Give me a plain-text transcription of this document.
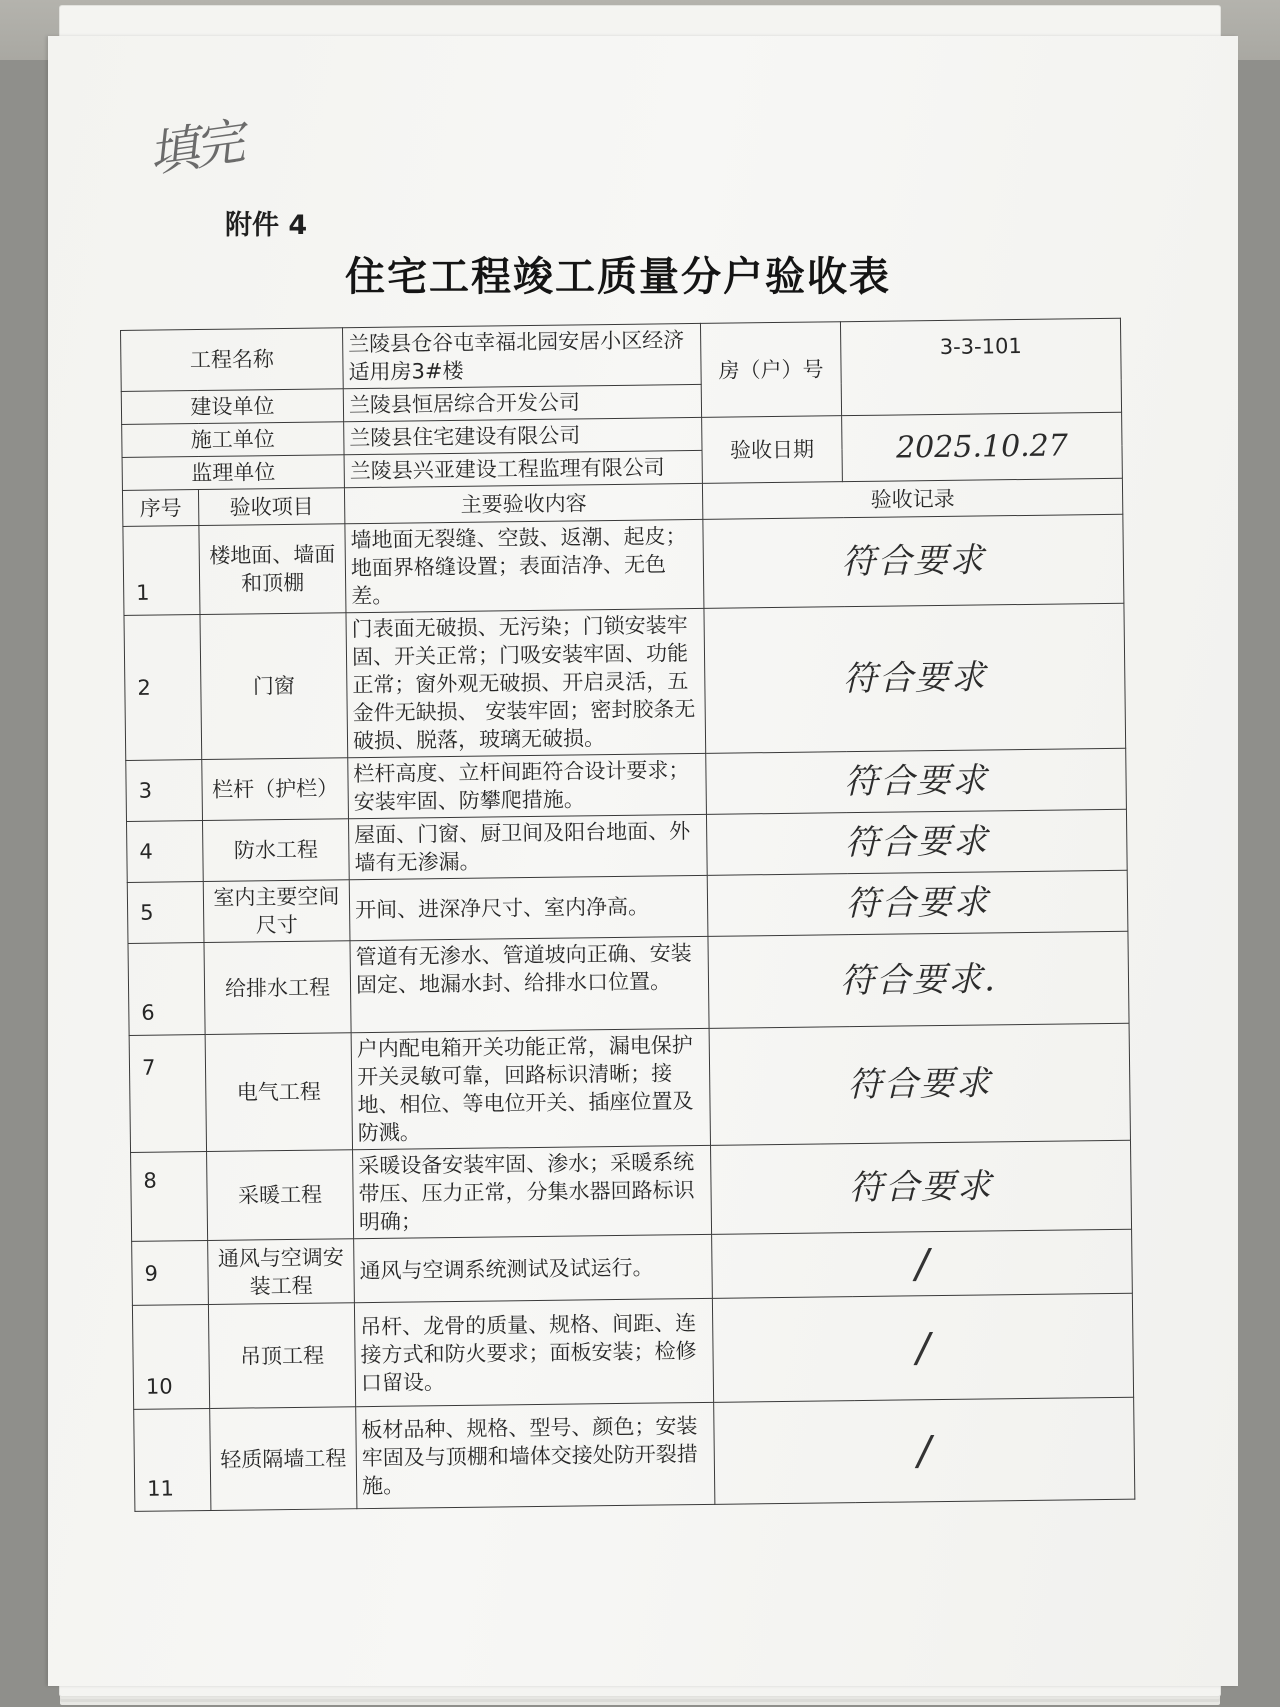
填完
附件 4
住宅工程竣工质量分户验收表
工程名称		兰陵县仓谷屯幸福北园安居小区经济适用房3#楼	房（户）号	3-3-101
建设单位		兰陵县恒居综合开发公司		
施工单位		兰陵县住宅建设有限公司	验收日期	2025.10.27
监理单位		兰陵县兴亚建设工程监理有限公司		
序号	验收项目	主要验收内容	验收记录	
1	楼地面、墙面和顶棚	墙地面无裂缝、空鼓、返潮、起皮；地面界格缝设置；表面洁净、无色差。	符合要求	
2	门窗	门表面无破损、无污染；门锁安装牢固、开关正常；门吸安装牢固、功能正常；窗外观无破损、开启灵活，五金件无缺损、 安装牢固；密封胶条无破损、脱落，玻璃无破损。	符合要求	
3	栏杆（护栏）	栏杆高度、立杆间距符合设计要求；安装牢固、防攀爬措施。	符合要求	
4	防水工程	屋面、门窗、厨卫间及阳台地面、外墙有无渗漏。	符合要求	
5	室内主要空间尺寸	开间、进深净尺寸、室内净高。	符合要求	
6	给排水工程	管道有无渗水、管道坡向正确、安装固定、地漏水封、给排水口位置。	符合要求.	
7	电气工程	户内配电箱开关功能正常，漏电保护开关灵敏可靠，回路标识清晰；接地、相位、等电位开关、插座位置及防溅。	符合要求	
8	采暖工程	采暖设备安装牢固、渗水；采暖系统带压、压力正常，分集水器回路标识明确；	符合要求	
9	通风与空调安装工程	通风与空调系统测试及试运行。	/	
10	吊顶工程	吊杆、龙骨的质量、规格、间距、连接方式和防火要求；面板安装；检修口留设。	/	
11	轻质隔墙工程	板材品种、规格、型号、颜色；安装牢固及与顶棚和墙体交接处防开裂措施。	/	
